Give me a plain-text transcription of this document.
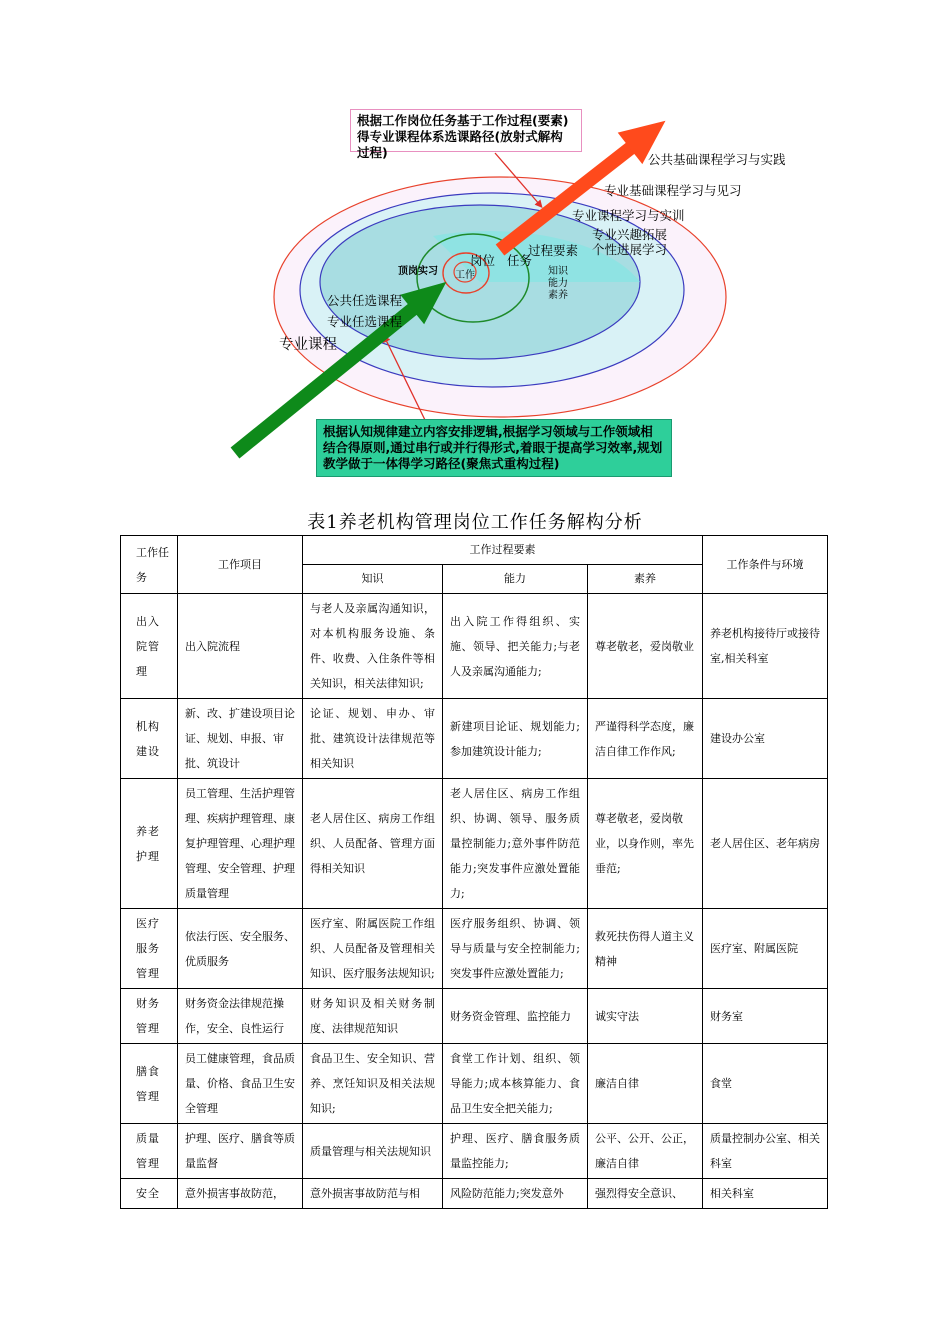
根据工作岗位任务基于工作过程(要素)得专业课程体系选课路径(放射式解构过程)
根据认知规律建立内容安排逻辑,根据学习领域与工作领域相结合得原则,通过串行或并行得形式,着眼于提高学习效率,规划教学做于一体得学习路径(聚焦式重构过程)
公共基础课程学习与实践
专业基础课程学习与见习
专业课程学习与实训
专业兴趣拓展
个性进展学习
过程要素
岗位 任务
工作
顶岗实习	知识
能力
素养
公共任选课程
专业任选课程
专业课程
表1养老机构管理岗位工作任务解构分析
工作任务	工作项目	工作过程要素			工作条件与环境
		知识	能力	素养	
出入院管理	出入院流程	与老人及亲属沟通知识，对本机构服务设施、条件、收费、入住条件等相关知识，相关法律知识;	出入院工作得组织、实施、领导、把关能力;与老人及亲属沟通能力;	尊老敬老，爱岗敬业	养老机构接待厅或接待室,相关科室
机构建设	新、改、扩建设项目论证、规划、申报、审批、筑设计	论证、规划、申办、审批、建筑设计法律规范等相关知识	新建项目论证、规划能力;参加建筑设计能力;	严谨得科学态度，廉洁自律工作作风;	建设办公室
养老护理	员工管理、生活护理管理、疾病护理管理、康复护理管理、心理护理管理、安全管理、护理质量管理	老人居住区、病房工作组织、人员配备、管理方面得相关知识	老人居住区、病房工作组织、协调、领导、服务质量控制能力;意外事件防范能力;突发事件应激处置能力;	尊老敬老，爱岗敬业，以身作则，率先垂范;	老人居住区、老年病房
医疗服务管理	依法行医、安全服务、优质服务	医疗室、附属医院工作组织、人员配备及管理相关知识、医疗服务法规知识;	医疗服务组织、协调、领导与质量与安全控制能力;突发事件应激处置能力;	救死扶伤得人道主义精神	医疗室、附属医院
财务管理	财务资金法律规范操作，安全、良性运行	财务知识及相关财务制度、法律规范知识	财务资金管理、监控能力	诚实守法	财务室
膳食管理	员工健康管理，食品质量、价格、食品卫生安全管理	食品卫生、安全知识、营养、烹饪知识及相关法规知识;	食堂工作计划、组织、领导能力;成本核算能力、食品卫生安全把关能力;	廉洁自律	食堂
质量管理	护理、医疗、膳食等质量监督	质量管理与相关法规知识	护理、医疗、膳食服务质量监控能力;	公平、公开、公正，廉洁自律	质量控制办公室、相关科室
安全	意外损害事故防范，	意外损害事故防范与相	风险防范能力;突发意外	强烈得安全意识、	相关科室
